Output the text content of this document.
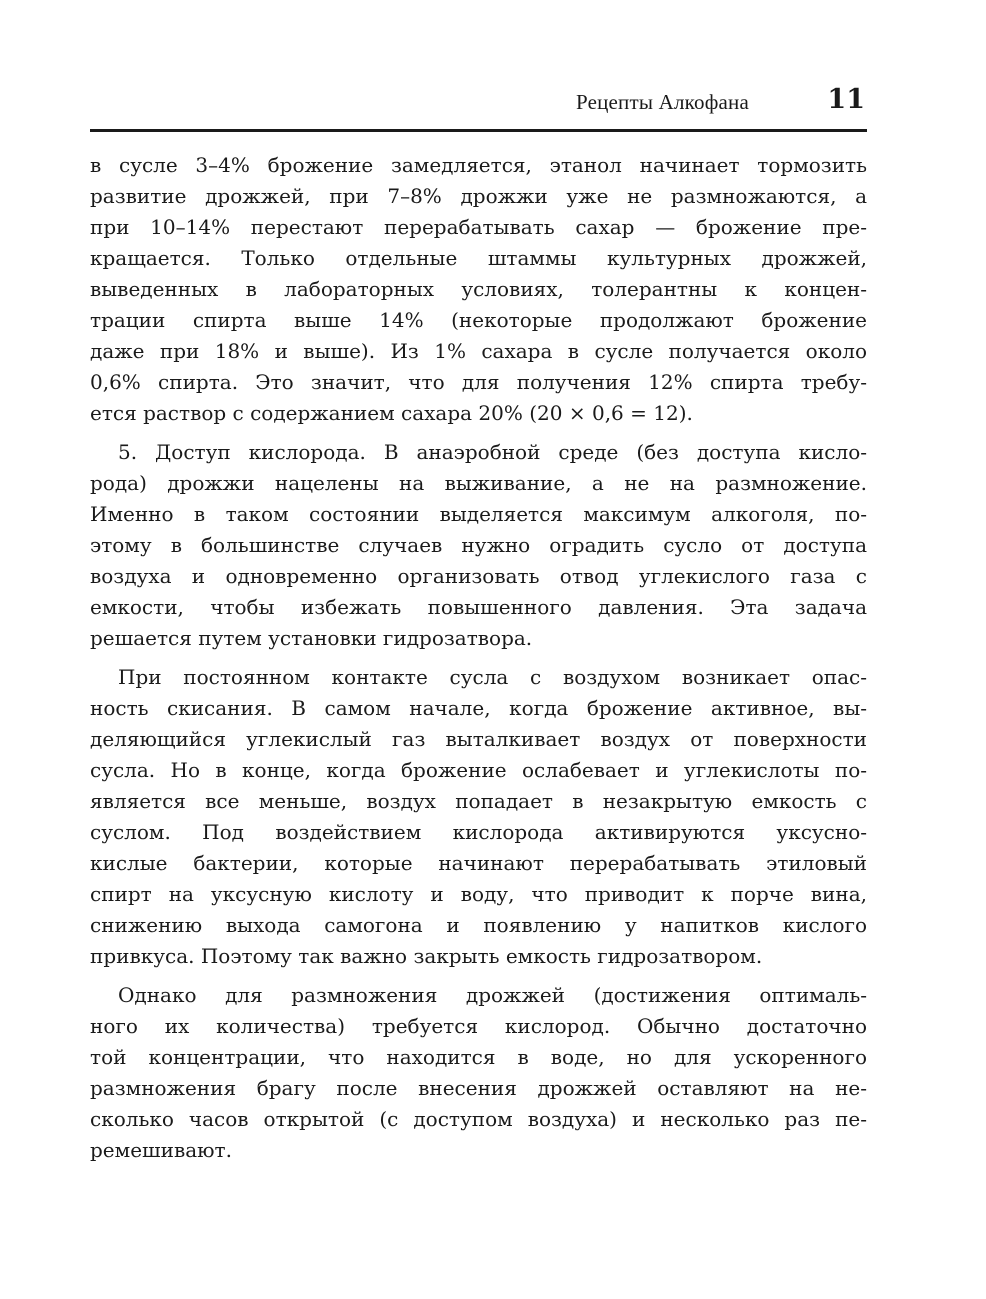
Рецепты Алкофана	11
в сусле 3–4% брожение замедляется, этанол начинает тормозить
развитие дрожжей, при 7–8% дрожжи уже не размножаются, а
при 10–14% перестают перерабатывать сахар — брожение пре-
кращается. Только отдельные штаммы культурных дрожжей,
выведенных в лабораторных условиях, толерантны к концен-
трации спирта выше 14% (некоторые продолжают брожение
даже при 18% и выше). Из 1% сахара в сусле получается около
0,6% спирта. Это значит, что для получения 12% спирта требу-
ется раствор с содержанием сахара 20% (20 × 0,6 = 12).
5. Доступ кислорода. В анаэробной среде (без доступа кисло-
рода) дрожжи нацелены на выживание, а не на размножение.
Именно в таком состоянии выделяется максимум алкоголя, по-
этому в большинстве случаев нужно оградить сусло от доступа
воздуха и одновременно организовать отвод углекислого газа с
емкости, чтобы избежать повышенного давления. Эта задача
решается путем установки гидрозатвора.
При постоянном контакте сусла с воздухом возникает опас-
ность скисания. В самом начале, когда брожение активное, вы-
деляющийся углекислый газ выталкивает воздух от поверхности
сусла. Но в конце, когда брожение ослабевает и углекислоты по-
является все меньше, воздух попадает в незакрытую емкость с
суслом. Под воздействием кислорода активируются уксусно-
кислые бактерии, которые начинают перерабатывать этиловый
спирт на уксусную кислоту и воду, что приводит к порче вина,
снижению выхода самогона и появлению у напитков кислого
привкуса. Поэтому так важно закрыть емкость гидрозатвором.
Однако для размножения дрожжей (достижения оптималь-
ного их количества) требуется кислород. Обычно достаточно
той концентрации, что находится в воде, но для ускоренного
размножения брагу после внесения дрожжей оставляют на не-
сколько часов открытой (с доступом воздуха) и несколько раз пе-
ремешивают.
